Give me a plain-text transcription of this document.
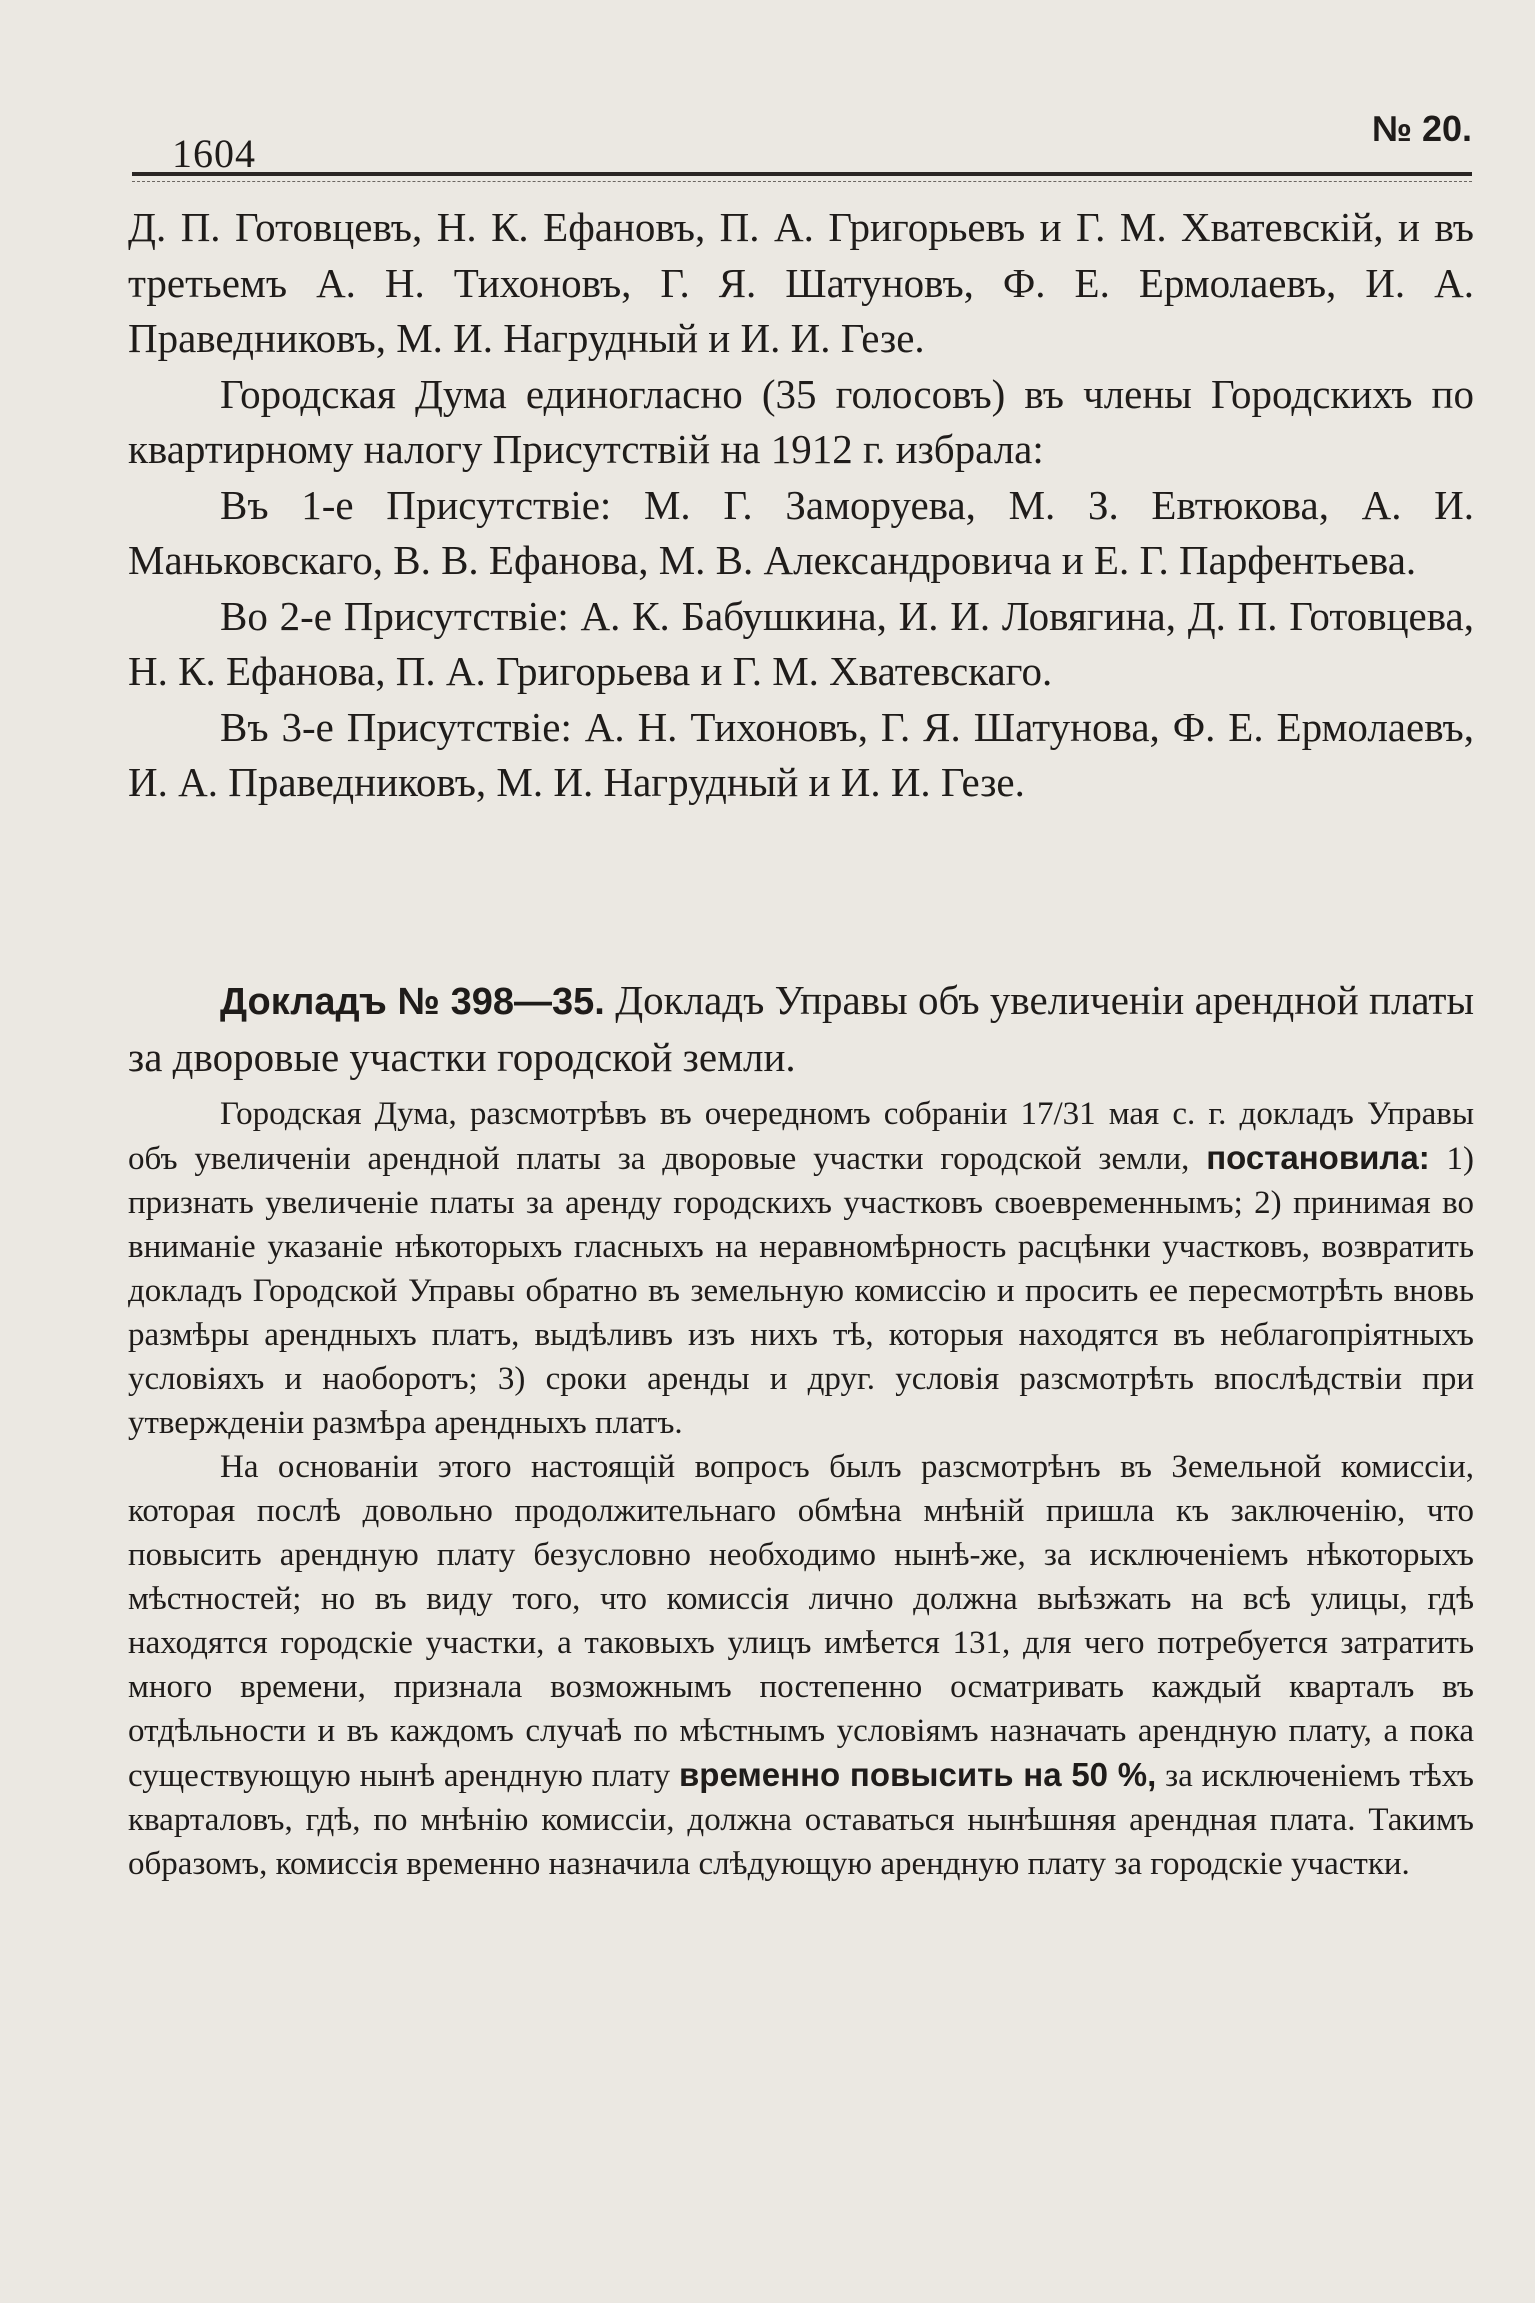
1604
№ 20.

Д. П. Готовцевъ, Н. К. Ефановъ, П. А. Григорьевъ и Г. М. Хватевскій, и въ третьемъ А. Н. Тихоновъ, Г. Я. Шатуновъ, Ф. Е. Ермолаевъ, И. А. Праведниковъ, М. И. Нагрудный и И. И. Гезе.

Городская Дума единогласно (35 голосовъ) въ члены Городскихъ по квартирному налогу Присутствій на 1912 г. избрала:

Въ 1-е Присутствіе: М. Г. Заморуева, М. З. Евтюкова, А. И. Маньковскаго, В. В. Ефанова, М. В. Александровича и Е. Г. Парфентьева.

Во 2-е Присутствіе: А. К. Бабушкина, И. И. Ловягина, Д. П. Готовцева, Н. К. Ефанова, П. А. Григорьева и Г. М. Хватевскаго.

Въ 3-е Присутствіе: А. Н. Тихоновъ, Г. Я. Шатунова, Ф. Е. Ермолаевъ, И. А. Праведниковъ, М. И. Нагрудный и И. И. Гезе.

Докладъ № 398—35. Докладъ Управы объ увеличеніи арендной платы за дворовые участки городской земли.

Городская Дума, разсмотрѣвъ въ очередномъ собраніи 17/31 мая с. г. докладъ Управы объ увеличеніи арендной платы за дворовые участки городской земли, постановила: 1) признать увеличеніе платы за аренду городскихъ участковъ своевременнымъ; 2) принимая во вниманіе указаніе нѣкоторыхъ гласныхъ на неравномѣрность расцѣнки участковъ, возвратить докладъ Городской Управы обратно въ земельную комиссію и просить ее пересмотрѣть вновь размѣры арендныхъ платъ, выдѣливъ изъ нихъ тѣ, которыя находятся въ неблагопріятныхъ условіяхъ и наоборотъ; 3) сроки аренды и друг. условія разсмотрѣть впослѣдствіи при утвержденіи размѣра арендныхъ платъ.

На основаніи этого настоящій вопросъ былъ разсмотрѣнъ въ Земельной комиссіи, которая послѣ довольно продолжительнаго обмѣна мнѣній пришла къ заключенію, что повысить арендную плату безусловно необходимо нынѣ-же, за исключеніемъ нѣкоторыхъ мѣстностей; но въ виду того, что комиссія лично должна выѣзжать на всѣ улицы, гдѣ находятся городскіе участки, а таковыхъ улицъ имѣется 131, для чего потребуется затратить много времени, признала возможнымъ постепенно осматривать каждый кварталъ въ отдѣльности и въ каждомъ случаѣ по мѣстнымъ условіямъ назначать арендную плату, а пока существующую нынѣ арендную плату временно повысить на 50 %, за исключеніемъ тѣхъ кварталовъ, гдѣ, по мнѣнію комиссіи, должна оставаться нынѣшняя арендная плата. Такимъ образомъ, комиссія временно назначила слѣдующую арендную плату за городскіе участки.
